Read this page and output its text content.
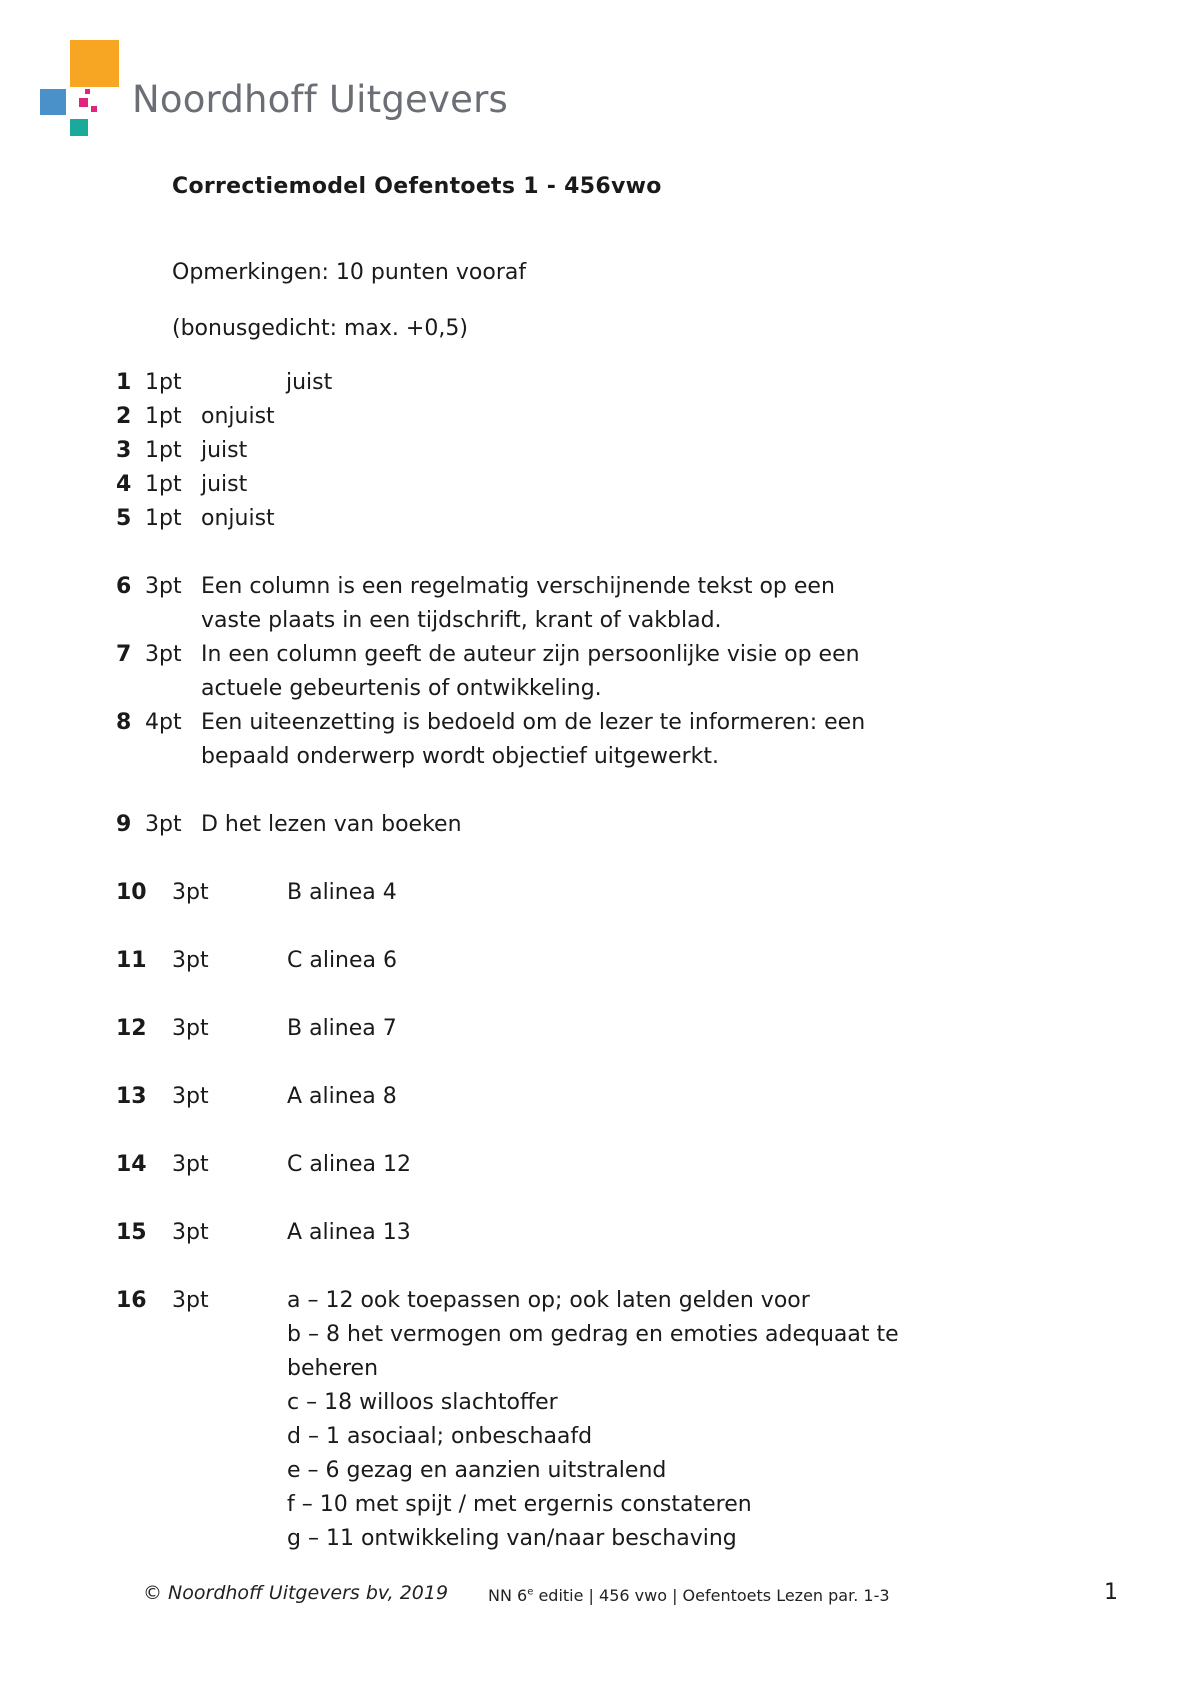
Noordhoff Uitgevers
Correctiemodel Oefentoets 1 - 456vwo
Opmerkingen: 10 punten vooraf
(bonusgedicht: max. +0,5)
1 1pt	juist
2 1pt onjuist
3 1pt juist
4 1pt juist
5 1pt onjuist
6 3pt Een column is een regelmatig verschijnende tekst op een
vaste plaats in een tijdschrift, krant of vakblad.
7 3pt In een column geeft de auteur zijn persoonlijke visie op een
actuele gebeurtenis of ontwikkeling.
8 4pt Een uiteenzetting is bedoeld om de lezer te informeren: een
bepaald onderwerp wordt objectief uitgewerkt.
9 3pt D het lezen van boeken
10 3pt	B alinea 4
11 3pt	C alinea 6
12 3pt	B alinea 7
13 3pt	A alinea 8
14 3pt	C alinea 12
15 3pt	A alinea 13
16 3pt	a – 12 ook toepassen op; ook laten gelden voor
b – 8 het vermogen om gedrag en emoties adequaat te
beheren
c – 18 willoos slachtoffer
d – 1 asociaal; onbeschaafd
e – 6 gezag en aanzien uitstralend
f – 10 met spijt / met ergernis constateren
g – 11 ontwikkeling van/naar beschaving
© Noordhoff Uitgevers bv, 2019 NN 6e editie | 456 vwo | Oefentoets Lezen par. 1-3	1
